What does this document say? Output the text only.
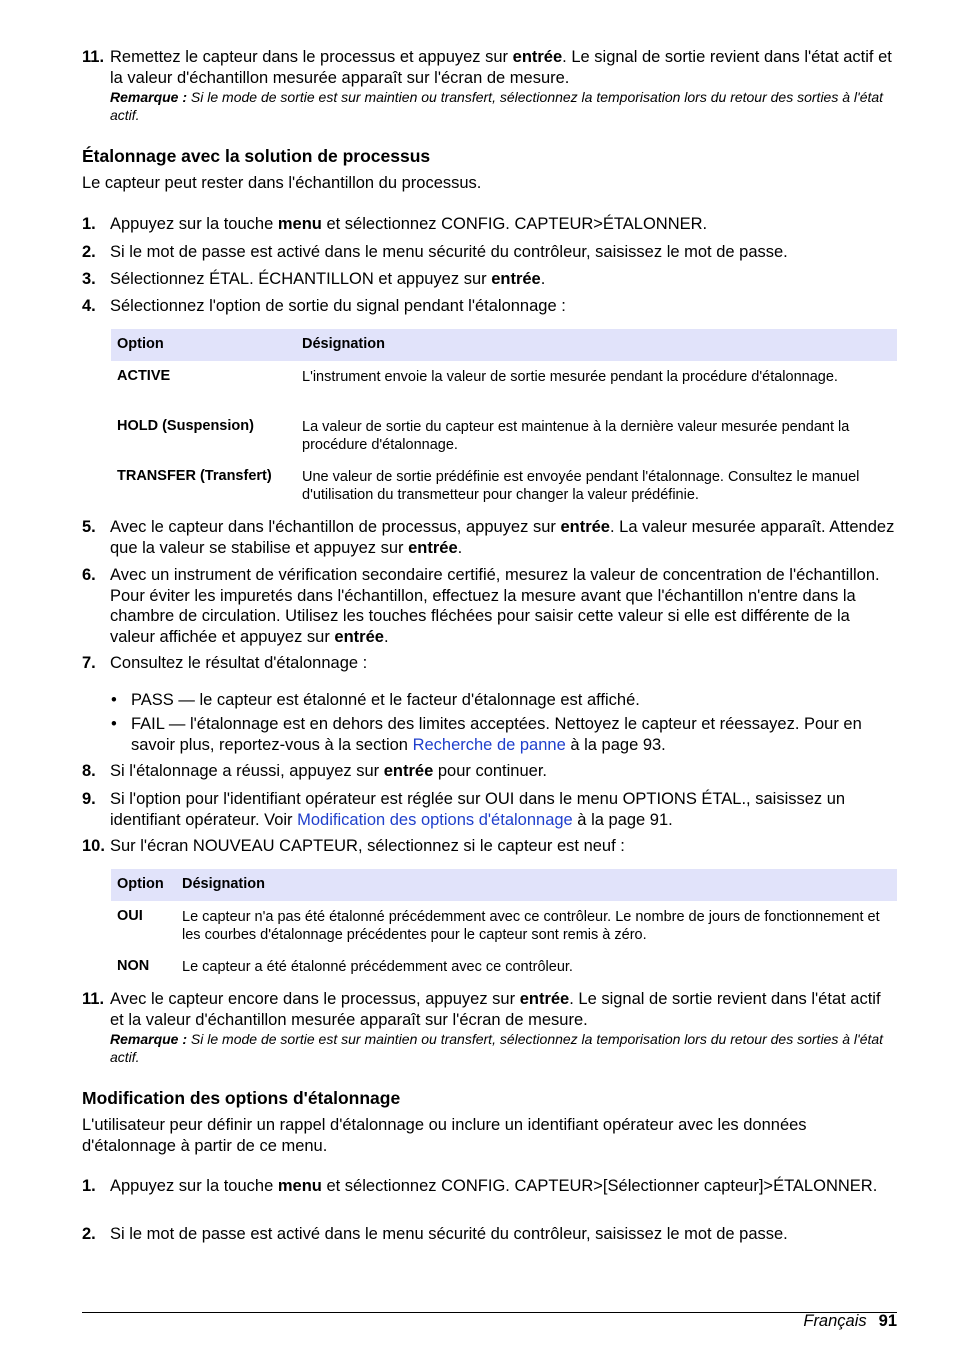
11. Remettez le capteur dans le processus et appuyez sur entrée. Le signal de sortie revient dans l'état actif et la valeur d'échantillon mesurée apparaît sur l'écran de mesure.
Remarque : Si le mode de sortie est sur maintien ou transfert, sélectionnez la temporisation lors du retour des sorties à l'état actif.
Étalonnage avec la solution de processus
Le capteur peut rester dans l'échantillon du processus.
1. Appuyez sur la touche menu et sélectionnez CONFIG. CAPTEUR>ÉTALONNER.
2. Si le mot de passe est activé dans le menu sécurité du contrôleur, saisissez le mot de passe.
3. Sélectionnez ÉTAL. ÉCHANTILLON et appuyez sur entrée.
4. Sélectionnez l'option de sortie du signal pendant l'étalonnage :
Option	Désignation
ACTIVE	L'instrument envoie la valeur de sortie mesurée pendant la procédure d'étalonnage.
HOLD (Suspension)	La valeur de sortie du capteur est maintenue à la dernière valeur mesurée pendant la procédure d'étalonnage.
TRANSFER (Transfert) Une valeur de sortie prédéfinie est envoyée pendant l'étalonnage. Consultez le manuel d'utilisation du transmetteur pour changer la valeur prédéfinie.
5. Avec le capteur dans l'échantillon de processus, appuyez sur entrée. La valeur mesurée apparaît. Attendez que la valeur se stabilise et appuyez sur entrée.
6. Avec un instrument de vérification secondaire certifié, mesurez la valeur de concentration de l'échantillon. Pour éviter les impuretés dans l'échantillon, effectuez la mesure avant que l'échantillon n'entre dans la chambre de circulation. Utilisez les touches fléchées pour saisir cette valeur si elle est différente de la valeur affichée et appuyez sur entrée.
7. Consultez le résultat d'étalonnage :
• PASS — le capteur est étalonné et le facteur d'étalonnage est affiché.
• FAIL — l'étalonnage est en dehors des limites acceptées. Nettoyez le capteur et réessayez. Pour en savoir plus, reportez-vous à la section Recherche de panne à la page 93.
8. Si l'étalonnage a réussi, appuyez sur entrée pour continuer.
9. Si l'option pour l'identifiant opérateur est réglée sur OUI dans le menu OPTIONS ÉTAL., saisissez un identifiant opérateur. Voir Modification des options d'étalonnage à la page 91.
10. Sur l'écran NOUVEAU CAPTEUR, sélectionnez si le capteur est neuf :
Option Désignation
OUI	Le capteur n'a pas été étalonné précédemment avec ce contrôleur. Le nombre de jours de fonctionnement et les courbes d'étalonnage précédentes pour le capteur sont remis à zéro.
NON Le capteur a été étalonné précédemment avec ce contrôleur.
11. Avec le capteur encore dans le processus, appuyez sur entrée. Le signal de sortie revient dans l'état actif et la valeur d'échantillon mesurée apparaît sur l'écran de mesure.
Remarque : Si le mode de sortie est sur maintien ou transfert, sélectionnez la temporisation lors du retour des sorties à l'état actif.
Modification des options d'étalonnage
L'utilisateur peur définir un rappel d'étalonnage ou inclure un identifiant opérateur avec les données d'étalonnage à partir de ce menu.
1. Appuyez sur la touche menu et sélectionnez CONFIG. CAPTEUR>[Sélectionner capteur]>ÉTALONNER.
2. Si le mot de passe est activé dans le menu sécurité du contrôleur, saisissez le mot de passe.
Français 91
